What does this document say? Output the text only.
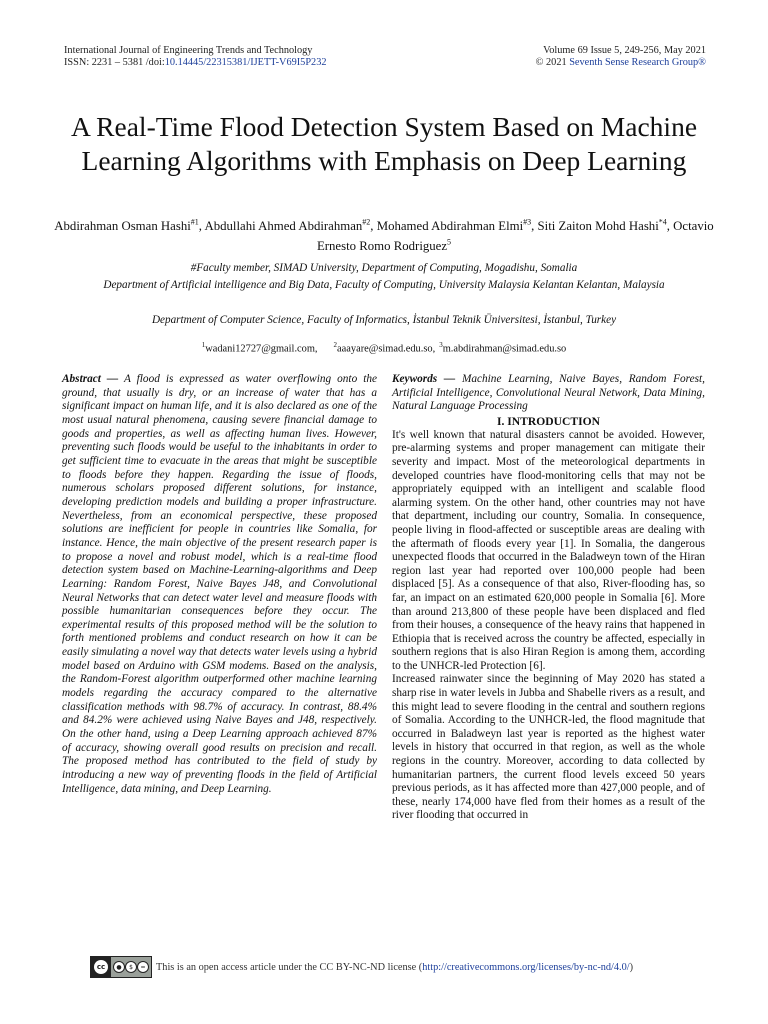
International Journal of Engineering Trends and Technology
ISSN: 2231 – 5381 /doi:10.14445/22315381/IJETT-V69I5P232
Volume 69 Issue 5, 249-256, May 2021
© 2021 Seventh Sense Research Group®
A Real-Time Flood Detection System Based on Machine Learning Algorithms with Emphasis on Deep Learning
Abdirahman Osman Hashi$^{\#1}$, Abdullahi Ahmed Abdirahman$^{\#2}$, Mohamed Abdirahman Elmi$^{\#3}$, Siti Zaiton Mohd Hashi$^{*4}$, Octavio Ernesto Romo Rodriguez$^5$
#Faculty member, SIMAD University, Department of Computing, Mogadishu, Somalia
Department of Artificial intelligence and Big Data, Faculty of Computing, University Malaysia Kelantan Kelantan, Malaysia
Department of Computer Science, Faculty of Informatics, İstanbul Teknik Üniversitesi, İstanbul, Turkey
$^1$wadani12727@gmail.com, $^2$aaayare@simad.edu.so, $^3$m.abdirahman@simad.edu.so

Abstract — A flood is expressed as water overflowing onto the ground, that usually is dry, or an increase of water that has a significant impact on human life, and it is also declared as one of the most usual natural phenomena, causing severe financial damage to goods and properties, as well as affecting human lives. However, preventing such floods would be useful to the inhabitants in order to get sufficient time to evacuate in the areas that might be susceptible to floods before they happen. Regarding the issue of floods, numerous scholars proposed different solutions, for instance, developing prediction models and building a proper infrastructure. Nevertheless, from an economical perspective, these proposed solutions are inefficient for people in countries like Somalia, for instance. Hence, the main objective of the present research paper is to propose a novel and robust model, which is a real-time flood detection system based on Machine-Learning-algorithms and Deep Learning: Random Forest, Naive Bayes J48, and Convolutional Neural Networks that can detect water level and measure floods with possible humanitarian consequences before they occur. The experimental results of this proposed method will be the solution to forth mentioned problems and conduct research on how it can be easily simulating a novel way that detects water levels using a hybrid model based on Arduino with GSM modems. Based on the analysis, the Random-Forest algorithm outperformed other machine learning models regarding the accuracy compared to the alternative classification methods with 98.7% of accuracy. In contrast, 88.4% and 84.2% were achieved using Naive Bayes and J48, respectively. On the other hand, using a Deep Learning approach achieved 87% of accuracy, showing overall good results on precision and recall. The proposed method has contributed to the field of study by introducing a new way of preventing floods in the field of Artificial Intelligence, data mining, and Deep Learning.

Keywords — Machine Learning, Naive Bayes, Random Forest, Artificial Intelligence, Convolutional Neural Network, Data Mining, Natural Language Processing

I. INTRODUCTION

It's well known that natural disasters cannot be avoided. However, pre-alarming systems and proper management can mitigate their severity and impact. Most of the meteorological departments in developed countries have flood-monitoring cells that may not be appropriately equipped with an intelligent and scalable flood alarming system. On the other hand, other countries may not have that department, including our country, Somalia. In consequence, people living in flood-affected or susceptible areas are dealing with the aftermath of floods every year [1]. In Somalia, the dangerous unexpected floods that occurred in the Baladweyn town of the Hiran region last year had reported over 100,000 people had been displaced [5]. As a consequence of that also, River-flooding has, so far, an impact on an estimated 620,000 people in Somalia [6]. More than around 213,800 of these people have been displaced and fled from their houses, a consequence of the heavy rains that happened in Ethiopia that is received across the country be affected, especially in southern regions that is also Hiran Region is among them, according to the UNHCR-led Protection [6].

Increased rainwater since the beginning of May 2020 has stated a sharp rise in water levels in Jubba and Shabelle rivers as a result, and this might lead to severe flooding in the central and southern regions of Somalia. According to the UNHCR-led, the flood magnitude that occurred in Baladweyn last year is reported as the highest water levels in history that occurred in that region, as well as the whole regions in the country. Moreover, according to data collected by humanitarian partners, the current flood levels exceed 50 years previous periods, as it has affected more than 427,000 people, and of these, nearly 174,000 have fled from their homes as a result of the river flooding that occurred in

cc	●	$	=	This is an open access article under the CC BY-NC-ND license (http://creativecommons.org/licenses/by-nc-nd/4.0/)
